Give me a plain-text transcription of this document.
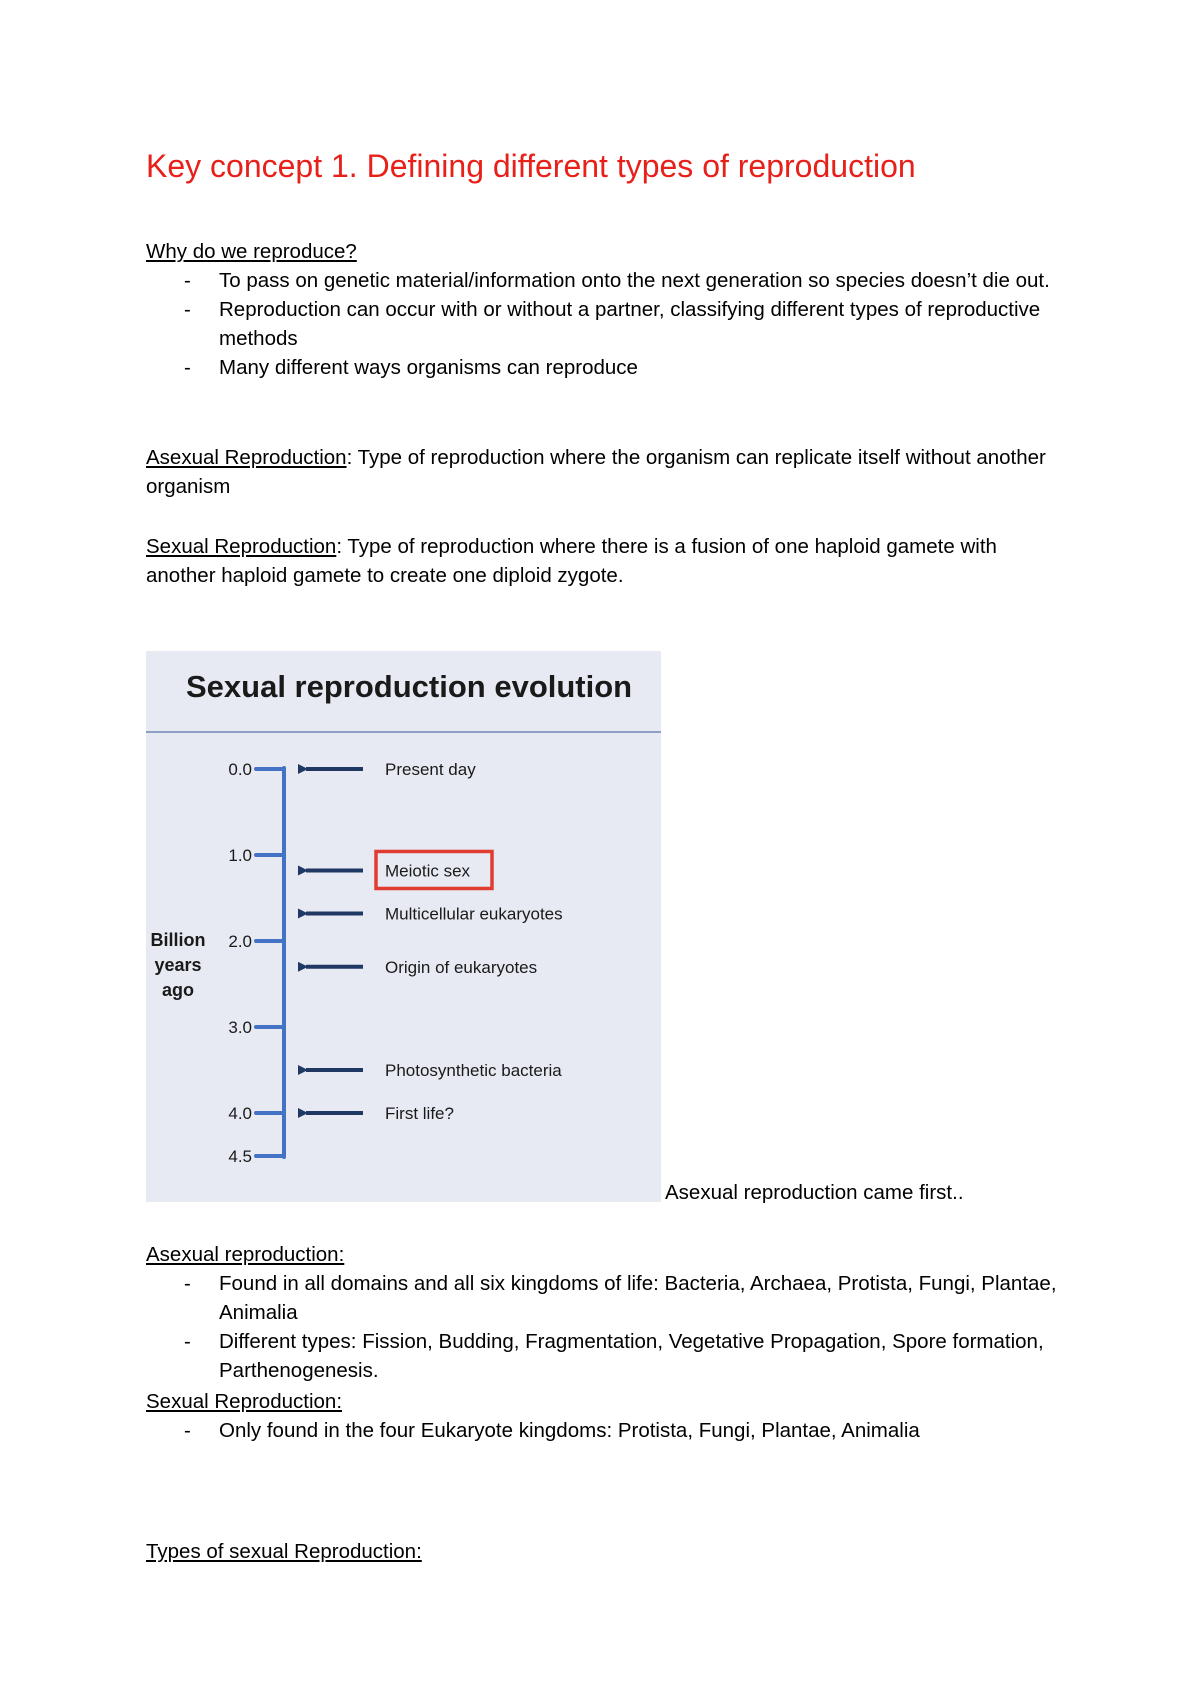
Key concept 1. Defining different types of reproduction
Why do we reproduce?
- To pass on genetic material/information onto the next generation so species doesn’t die out.
- Reproduction can occur with or without a partner, classifying different types of reproductive methods
- Many different ways organisms can reproduce
Asexual Reproduction: Type of reproduction where the organism can replicate itself without another organism
Sexual Reproduction: Type of reproduction where there is a fusion of one haploid gamete with another haploid gamete to create one diploid zygote.
Sexual reproduction evolution
Billion
years
ago
0.0
1.0
2.0
3.0
4.0
4.5
Present day
Meiotic sex
Multicellular eukaryotes
Origin of eukaryotes
Photosynthetic bacteria
First life?
Asexual reproduction came first..
Asexual reproduction:
- Found in all domains and all six kingdoms of life: Bacteria, Archaea, Protista, Fungi, Plantae, Animalia
- Different types: Fission, Budding, Fragmentation, Vegetative Propagation, Spore formation, Parthenogenesis.
Sexual Reproduction:
- Only found in the four Eukaryote kingdoms: Protista, Fungi, Plantae, Animalia
Types of sexual Reproduction:
